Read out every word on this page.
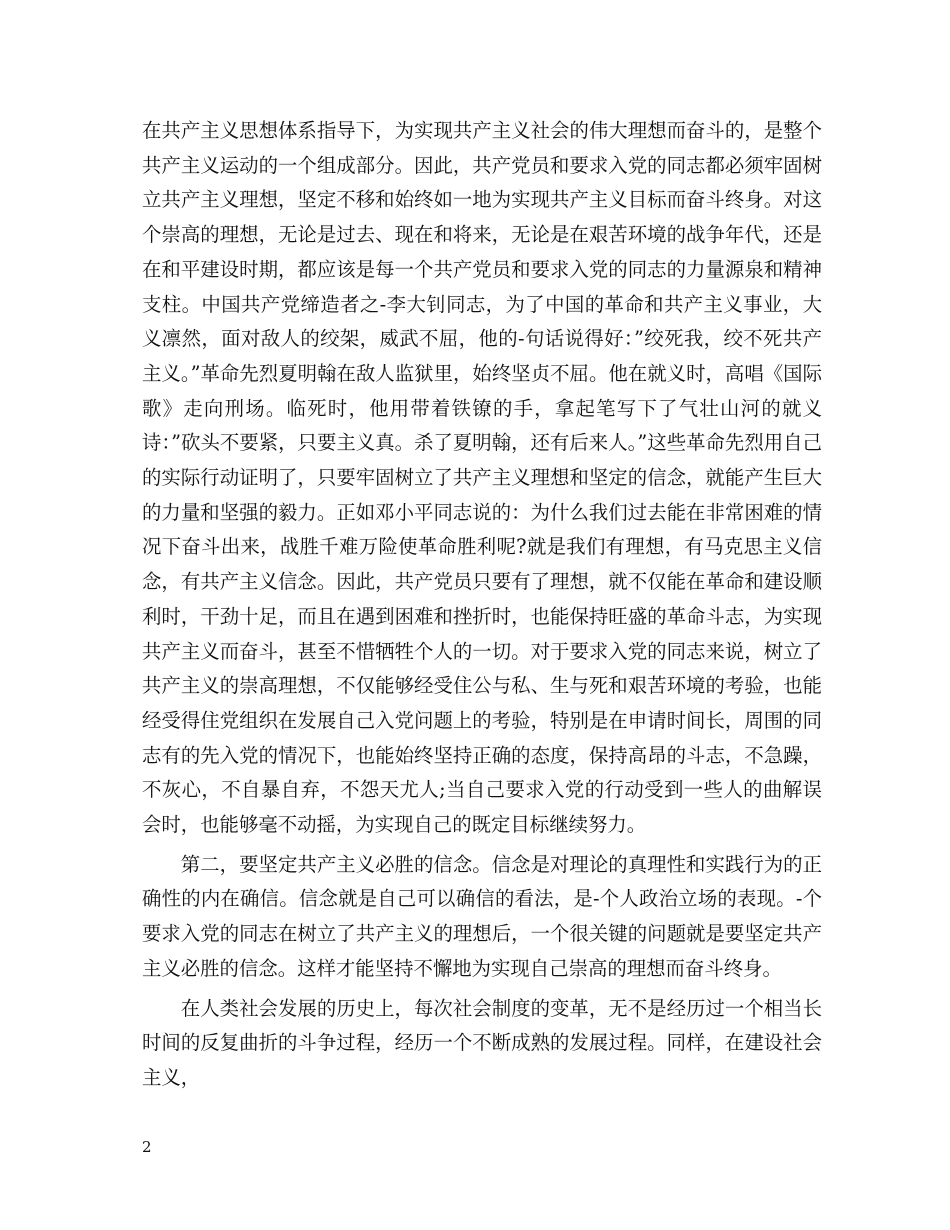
在共产主义思想体系指导下，为实现共产主义社会的伟大理想而奋斗的，是整个共产主义运动的一个组成部分。因此，共产党员和要求入党的同志都必须牢固树立共产主义理想，坚定不移和始终如一地为实现共产主义目标而奋斗终身。对这个崇高的理想，无论是过去、现在和将来，无论是在艰苦环境的战争年代，还是在和平建设时期，都应该是每一个共产党员和要求入党的同志的力量源泉和精神支柱。中国共产党缔造者之-李大钊同志，为了中国的革命和共产主义事业，大义凛然，面对敌人的绞架，威武不屈，他的-句话说得好：”绞死我，绞不死共产主义。”革命先烈夏明翰在敌人监狱里，始终坚贞不屈。他在就义时，高唱《国际歌》走向刑场。临死时，他用带着铁镣的手，拿起笔写下了气壮山河的就义诗：”砍头不要紧，只要主义真。杀了夏明翰，还有后来人。”这些革命先烈用自己的实际行动证明了，只要牢固树立了共产主义理想和坚定的信念，就能产生巨大的力量和坚强的毅力。正如邓小平同志说的：为什么我们过去能在非常困难的情况下奋斗出来，战胜千难万险使革命胜利呢?就是我们有理想，有马克思主义信念，有共产主义信念。因此，共产党员只要有了理想，就不仅能在革命和建设顺利时，干劲十足，而且在遇到困难和挫折时，也能保持旺盛的革命斗志，为实现共产主义而奋斗，甚至不惜牺牲个人的一切。对于要求入党的同志来说，树立了共产主义的崇高理想，不仅能够经受住公与私、生与死和艰苦环境的考验，也能经受得住党组织在发展自己入党问题上的考验，特别是在申请时间长，周围的同志有的先入党的情况下，也能始终坚持正确的态度，保持高昂的斗志，不急躁，不灰心，不自暴自弃，不怨天尤人;当自己要求入党的行动受到一些人的曲解误会时，也能够毫不动摇，为实现自己的既定目标继续努力。

第二，要坚定共产主义必胜的信念。信念是对理论的真理性和实践行为的正确性的内在确信。信念就是自己可以确信的看法，是-个人政治立场的表现。-个要求入党的同志在树立了共产主义的理想后，一个很关键的问题就是要坚定共产主义必胜的信念。这样才能坚持不懈地为实现自己崇高的理想而奋斗终身。

在人类社会发展的历史上，每次社会制度的变革，无不是经历过一个相当长时间的反复曲折的斗争过程，经历一个不断成熟的发展过程。同样，在建设社会主义，

2
